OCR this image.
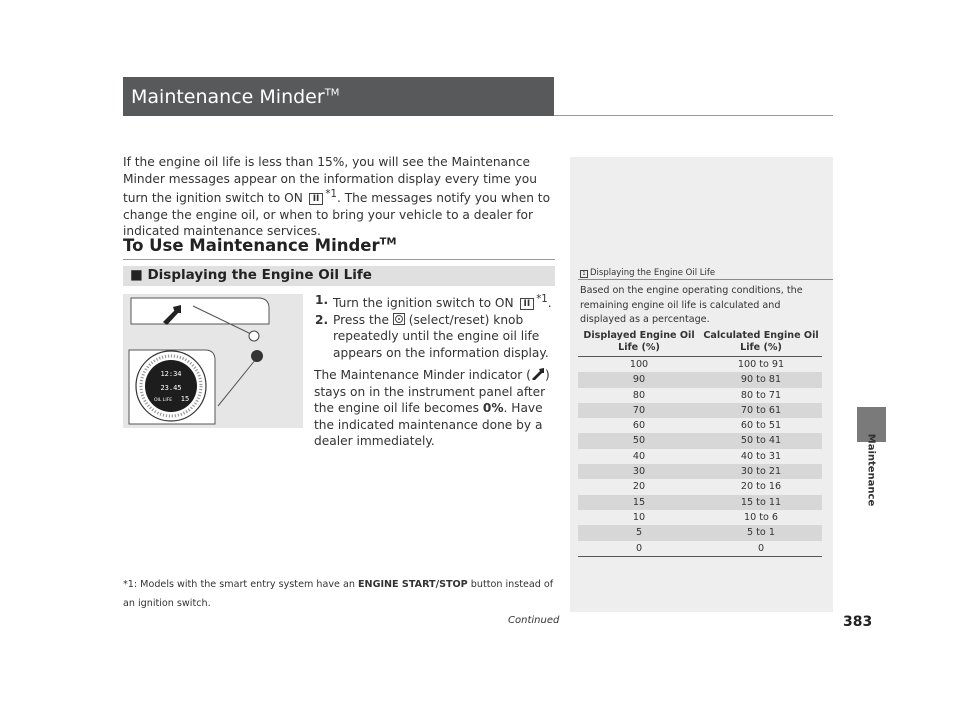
Maintenance Minder™
If the engine oil life is less than 15%, you will see the Maintenance Minder messages appear on the information display every time you turn the ignition switch to ON II $^{*1}$. The messages notify you when to change the engine oil, or when to bring your vehicle to a dealer for indicated maintenance services.
To Use Maintenance Minder™
■ Displaying the Engine Oil Life
12:34
23.45
OIL LIFE 15
1. Turn the ignition switch to ON II $^{*1}$.
2. Press the (select/reset) knob repeatedly until the engine oil life appears on the information display.
The Maintenance Minder indicator ( ) stays on in the instrument panel after the engine oil life becomes 0%. Have the indicated maintenance done by a dealer immediately.
*1: Models with the smart entry system have an ENGINE START/STOP button instead of an ignition switch.
Continued	383
Maintenance
1 Displaying the Engine Oil Life
Based on the engine operating conditions, the remaining engine oil life is calculated and displayed as a percentage.
Displayed Engine Oil Life (%)	Calculated Engine Oil Life (%)
100	100 to 91
90	90 to 81
80	80 to 71
70	70 to 61
60	60 to 51
50	50 to 41
40	40 to 31
30	30 to 21
20	20 to 16
15	15 to 11
10	10 to 6
5	5 to 1
0	0
